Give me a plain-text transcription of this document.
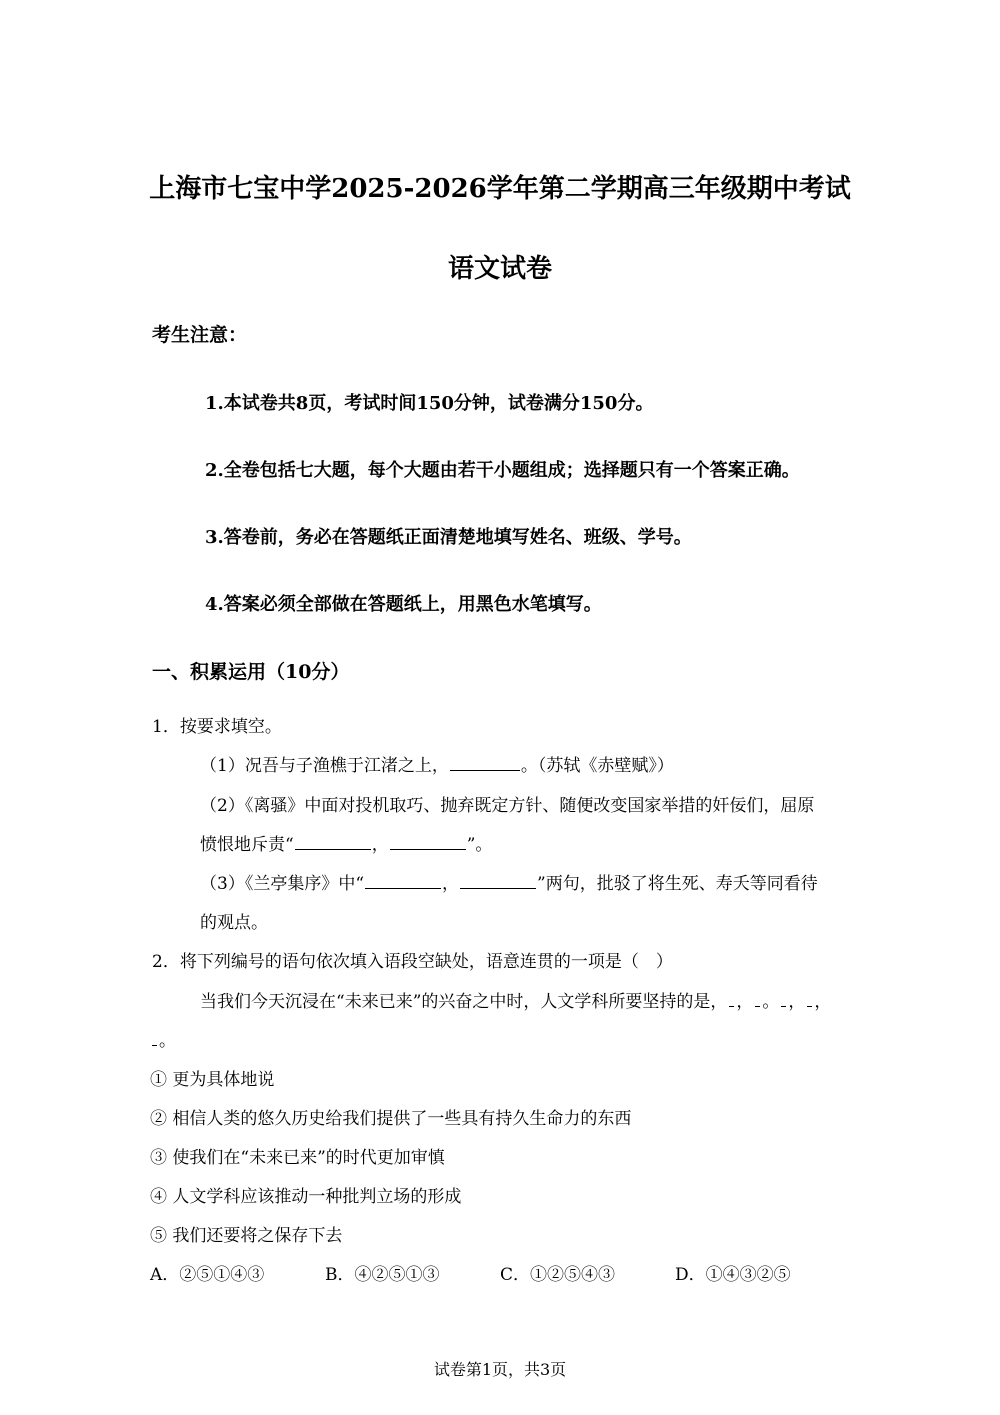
上海市七宝中学2025-2026学年第二学期高三年级期中考试
语文试卷
考生注意：
1.本试卷共8页，考试时间150分钟，试卷满分150分。
2.全卷包括七大题，每个大题由若干小题组成；选择题只有一个答案正确。
3.答卷前，务必在答题纸正面清楚地填写姓名、班级、学号。
4.答案必须全部做在答题纸上，用黑色水笔填写。
一、积累运用（10分）
1．按要求填空。
（1）况吾与子渔樵于江渚之上，	。（苏轼《赤壁赋》）
（2）《离骚》中面对投机取巧、抛弃既定方针、随便改变国家举措的奸佞们，屈原
愤恨地斥责“	，	”。
（3）《兰亭集序》中“	，	”两句，批驳了将生死、寿夭等同看待
的观点。
2．将下列编号的语句依次填入语段空缺处，语意连贯的一项是（　）
当我们今天沉浸在“未来已来”的兴奋之中时，人文学科所要坚持的是， ， 。 ， ，
。
① 更为具体地说
② 相信人类的悠久历史给我们提供了一些具有持久生命力的东西
③ 使我们在“未来已来”的时代更加审慎
④ 人文学科应该推动一种批判立场的形成
⑤ 我们还要将之保存下去
A．②⑤①④③	B．④②⑤①③	C．①②⑤④③	D．①④③②⑤
试卷第1页，共3页
